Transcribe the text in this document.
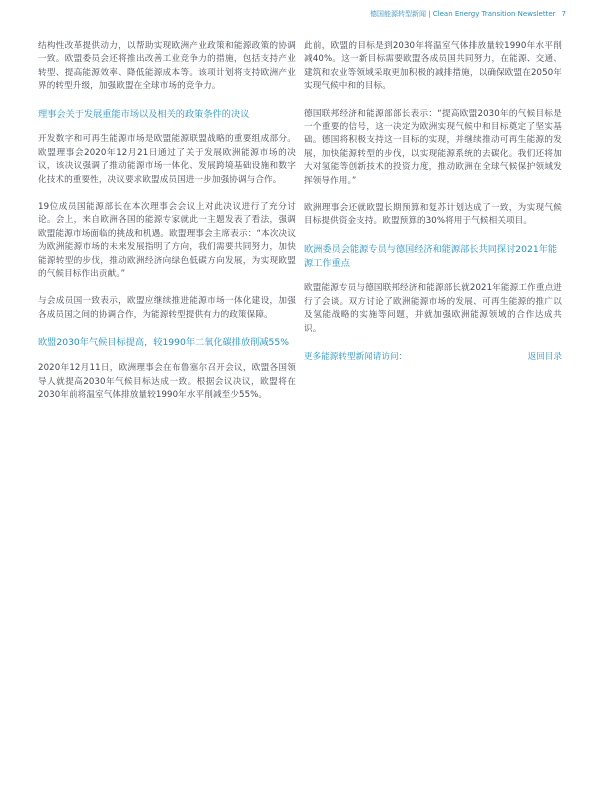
德国能源转型新闻 | Clean Energy Transition Newsletter 7

结构性改革提供动力，以帮助实现欧洲产业政策和能源政策的协调一致。欧盟委员会还将推出改善工业竞争力的措施，包括支持产业转型、提高能源效率、降低能源成本等。该项计划将支持欧洲产业界的转型升级，加强欧盟在全球市场的竞争力。

理事会关于发展重能市场以及相关的政策条件的决议

开发数字和可再生能源市场是欧盟能源联盟战略的重要组成部分。欧盟理事会2020年12月21日通过了关于发展欧洲能源市场的决议，该决议强调了推动能源市场一体化、发展跨境基础设施和数字化技术的重要性，决议要求欧盟成员国进一步加强协调与合作。

19位成员国能源部长在本次理事会会议上对此决议进行了充分讨论。会上，来自欧洲各国的能源专家就此一主题发表了看法，强调欧盟能源市场面临的挑战和机遇。欧盟理事会主席表示：“本次决议为欧洲能源市场的未来发展指明了方向，我们需要共同努力，加快能源转型的步伐，推动欧洲经济向绿色低碳方向发展，为实现欧盟的气候目标作出贡献。”

与会成员国一致表示，欧盟应继续推进能源市场一体化建设，加强各成员国之间的协调合作，为能源转型提供有力的政策保障。

欧盟2030年气候目标提高，较1990年二氧化碳排放削减55%

2020年12月11日，欧洲理事会在布鲁塞尔召开会议，欧盟各国领导人就提高2030年气候目标达成一致。根据会议决议，欧盟将在2030年前将温室气体排放量较1990年水平削减至少55%。

此前，欧盟的目标是到2030年将温室气体排放量较1990年水平削减40%。这一新目标需要欧盟各成员国共同努力，在能源、交通、建筑和农业等领域采取更加积极的减排措施，以确保欧盟在2050年实现气候中和的目标。

德国联邦经济和能源部部长表示：“提高欧盟2030年的气候目标是一个重要的信号，这一决定为欧洲实现气候中和目标奠定了坚实基础。德国将积极支持这一目标的实现，并继续推动可再生能源的发展，加快能源转型的步伐，以实现能源系统的去碳化。我们还将加大对氢能等创新技术的投资力度，推动欧洲在全球气候保护领域发挥领导作用。”

欧洲理事会还就欧盟长期预算和复苏计划达成了一致，为实现气候目标提供资金支持。欧盟预算的30%将用于气候相关项目。

欧洲委员会能源专员与德国经济和能源部长共同探讨2021年能源工作重点

欧盟能源专员与德国联邦经济和能源部长就2021年能源工作重点进行了会谈。双方讨论了欧洲能源市场的发展、可再生能源的推广以及氢能战略的实施等问题，并就加强欧洲能源领域的合作达成共识。

更多能源转型新闻请访问：	返回目录
